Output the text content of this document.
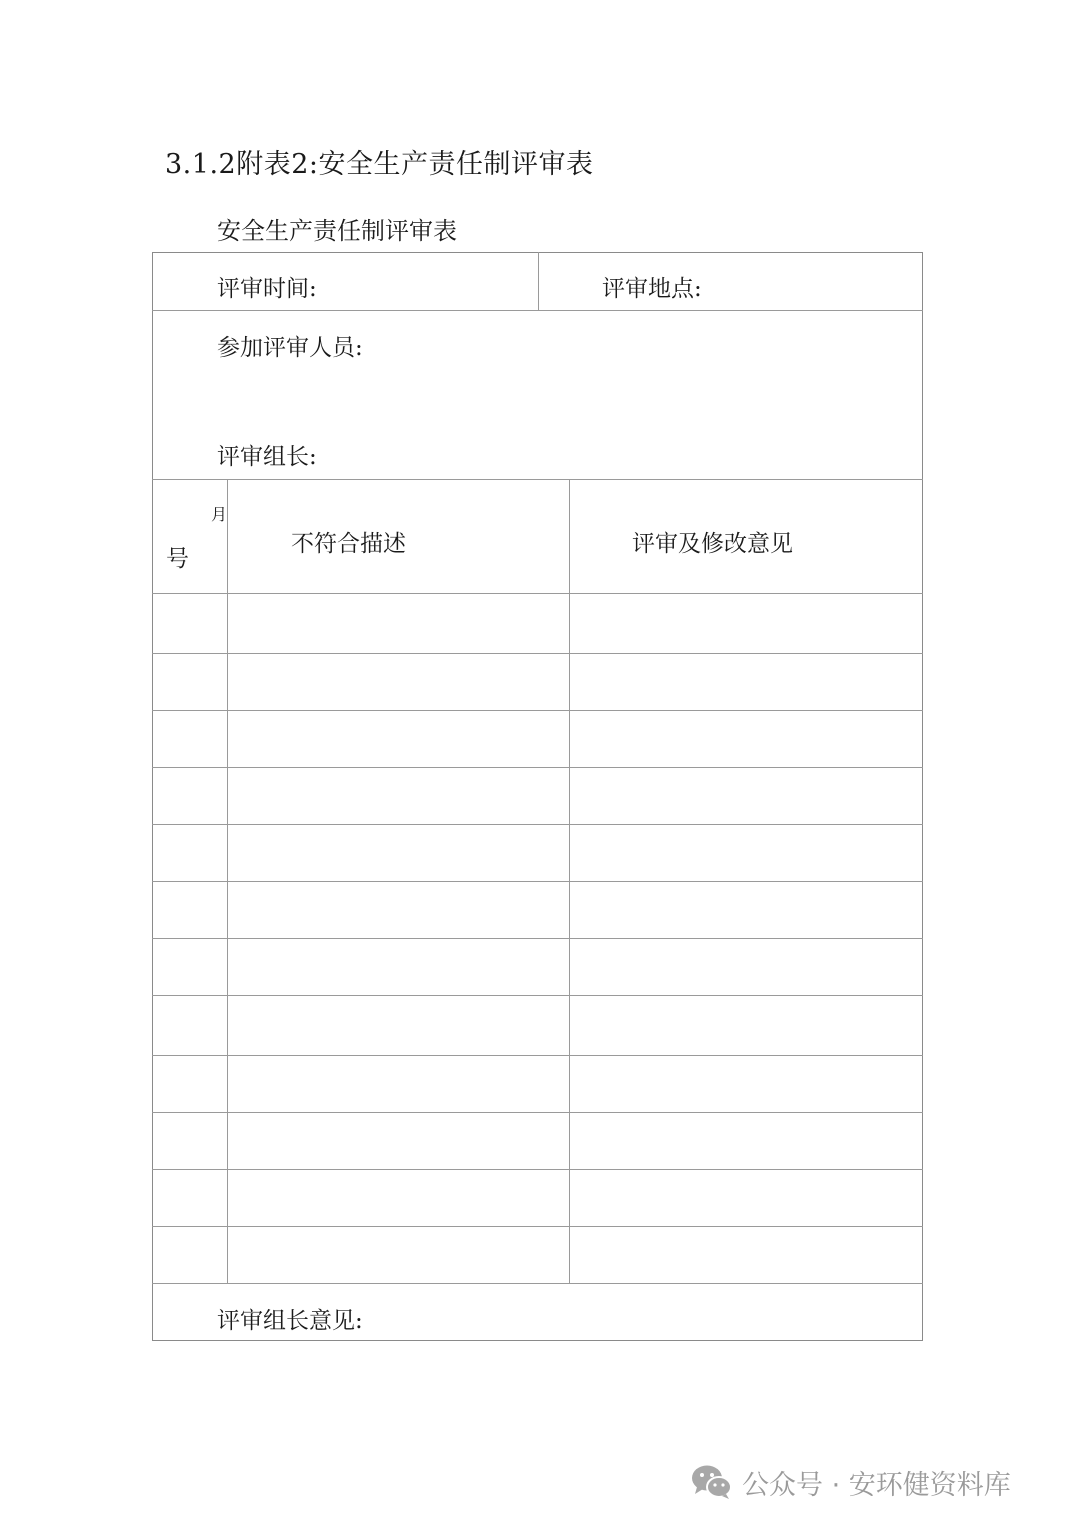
3.1.2附表2:安全生产责任制评审表
安全生产责任制评审表
评审时间:	评审地点:
参加评审人员:
评审组长:
月
号
不符合描述	评审及修改意见
评审组长意见:
公众号 · 安环健资料库
